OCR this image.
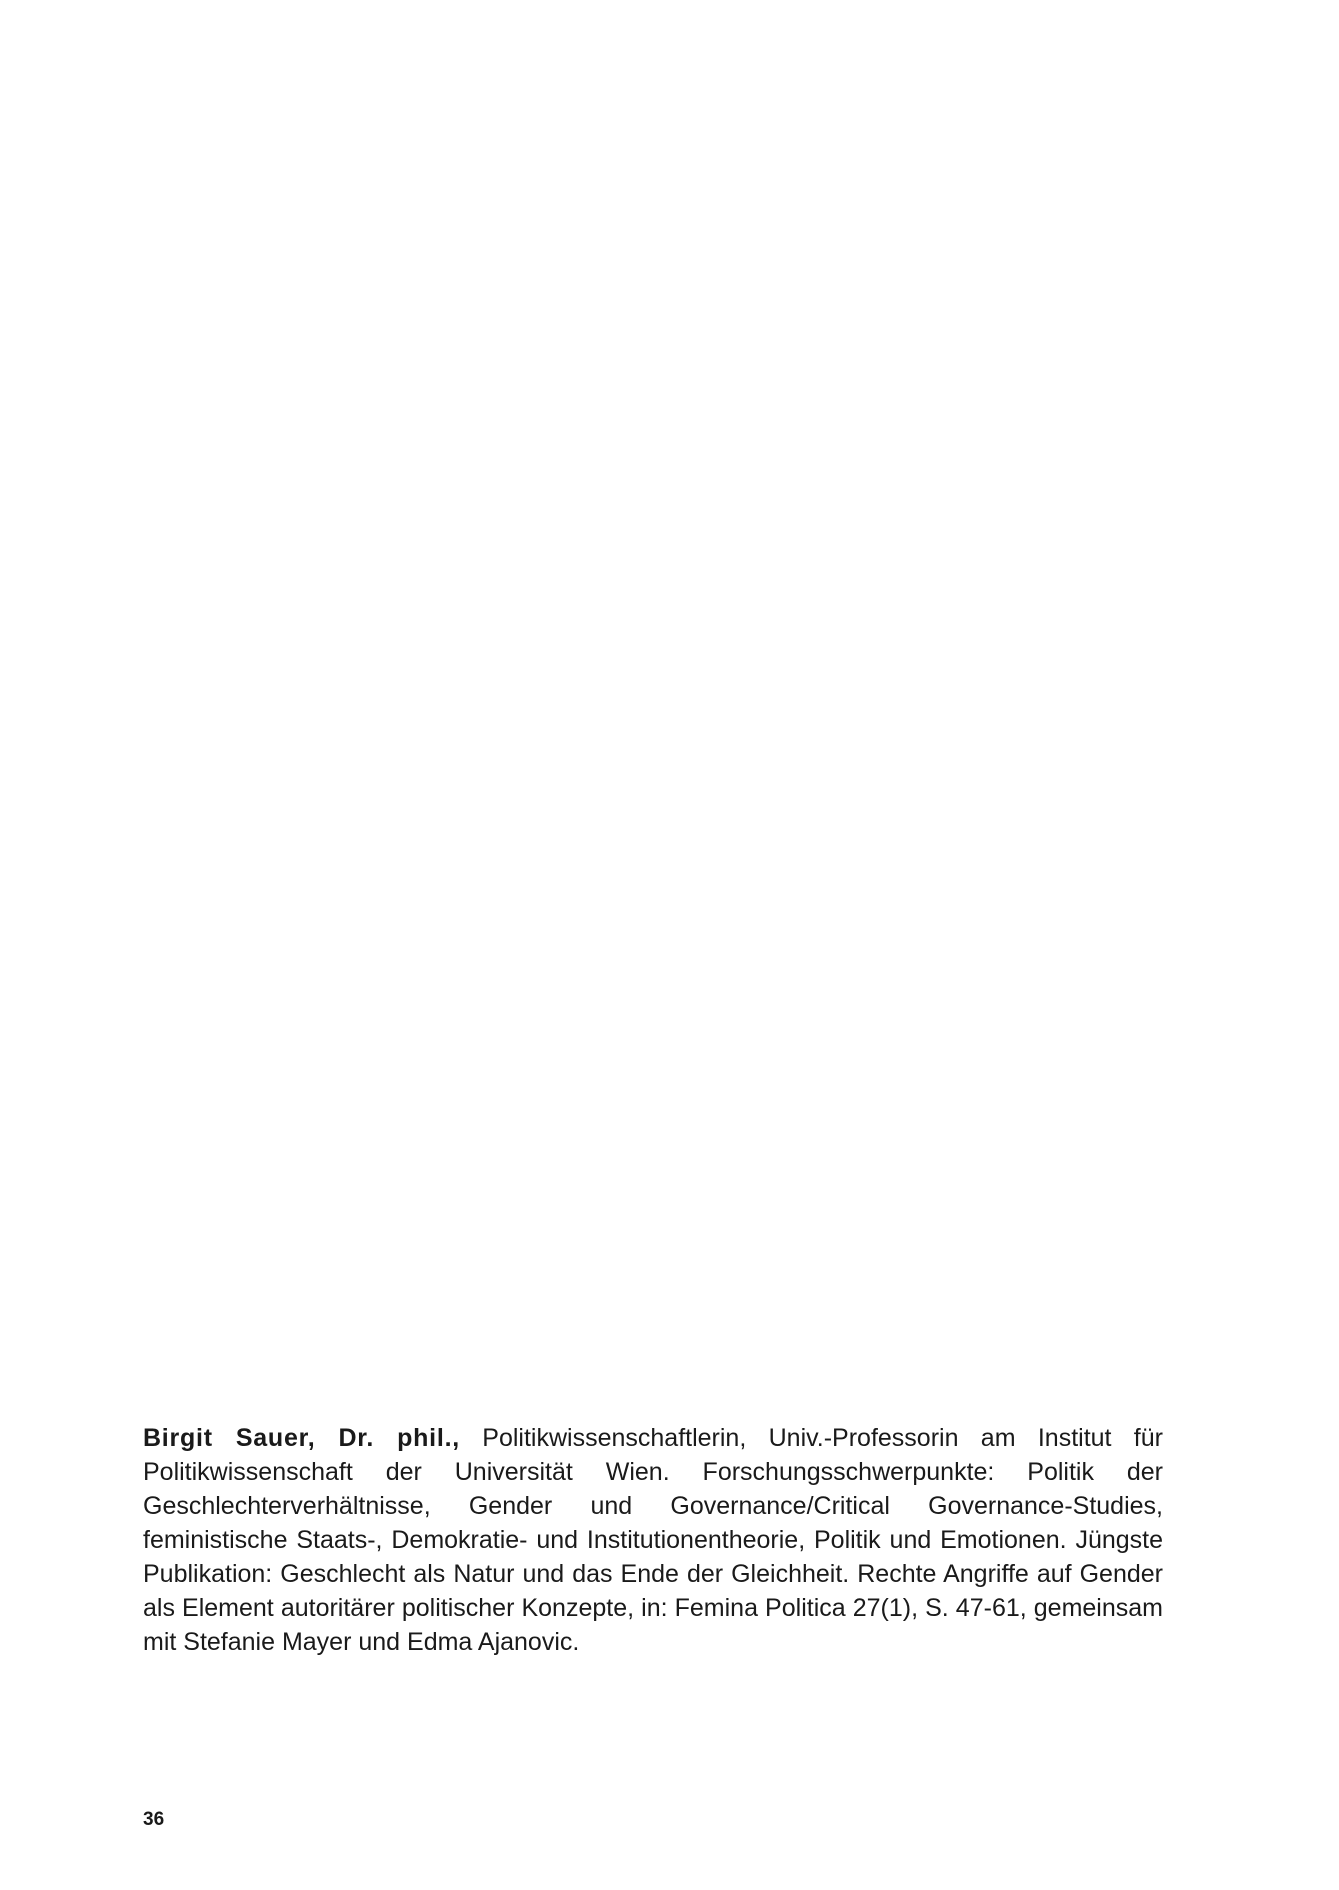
Birgit Sauer, Dr. phil., Politikwissenschaftlerin, Univ.-Professorin am Institut für Politikwissenschaft der Universität Wien. Forschungsschwerpunkte: Politik der Geschlechterverhältnisse, Gender und Governance/Critical Governance-Studies, feministische Staats-, Demokratie- und Institutionentheorie, Politik und Emotionen. Jüngste Publikation: Geschlecht als Natur und das Ende der Gleichheit. Rechte Angriffe auf Gender als Element autoritärer politischer Konzepte, in: Femina Politica 27(1), S. 47-61, gemeinsam mit Stefanie Mayer und Edma Ajanovic.

36
